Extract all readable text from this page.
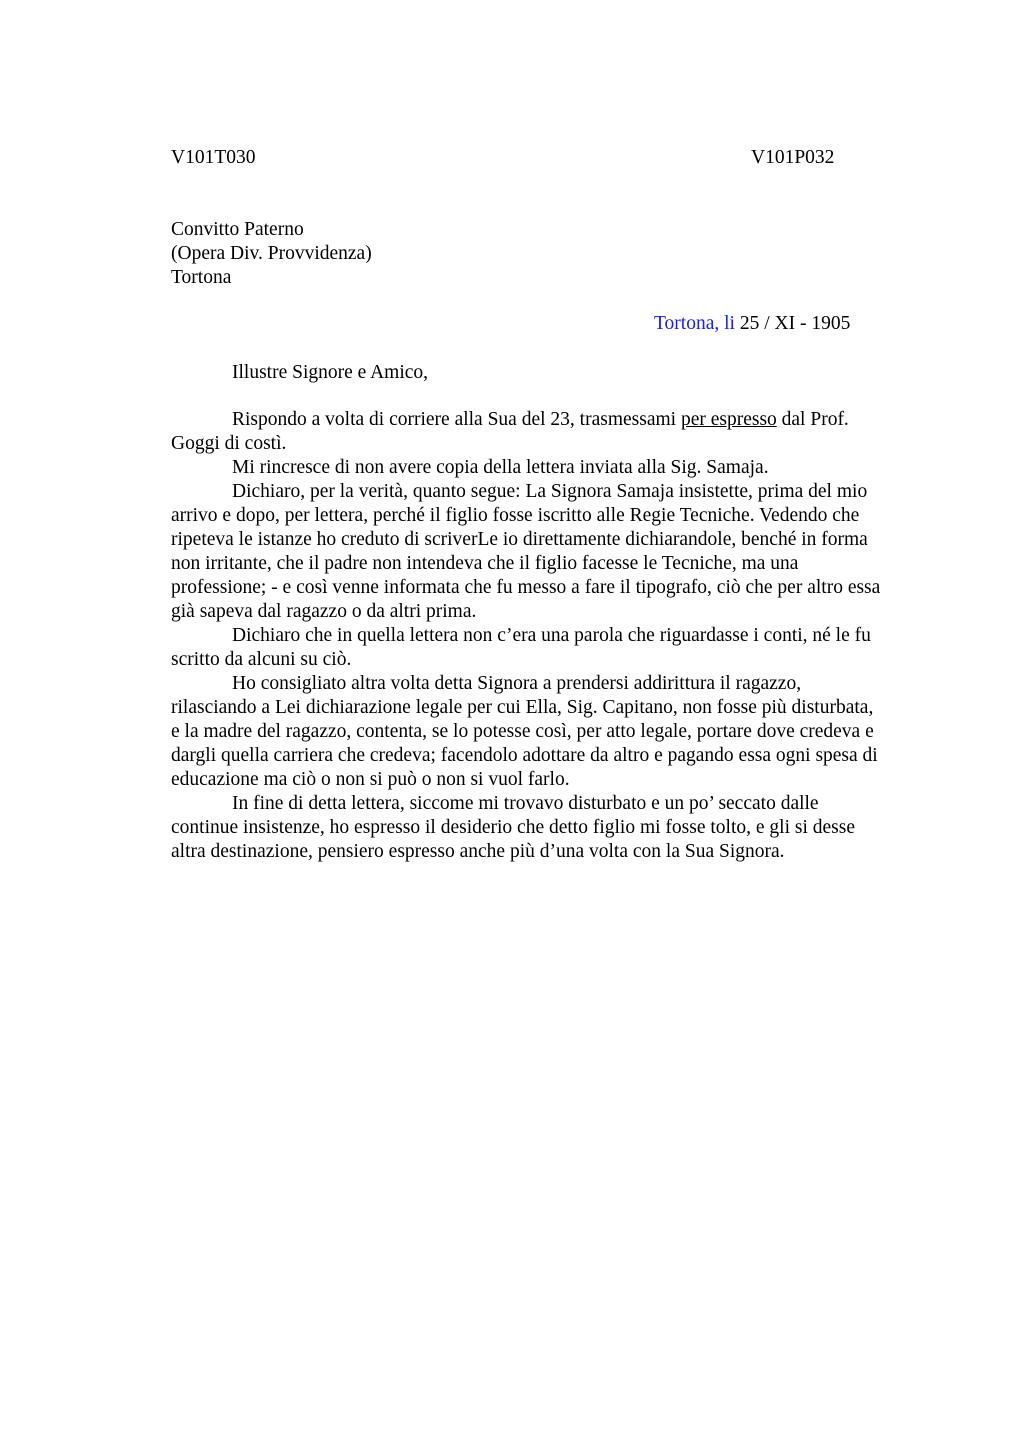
V101T030	V101P032
Convitto Paterno
(Opera Div. Provvidenza)
Tortona
Tortona, li 25 / XI - 1905
Illustre Signore e Amico,
Rispondo a volta di corriere alla Sua del 23, trasmessami per espresso dal Prof.
Goggi di costì.
Mi rincresce di non avere copia della lettera inviata alla Sig. Samaja.
Dichiaro, per la verità, quanto segue: La Signora Samaja insistette, prima del mio
arrivo e dopo, per lettera, perché il figlio fosse iscritto alle Regie Tecniche. Vedendo che
ripeteva le istanze ho creduto di scriverLe io direttamente dichiarandole, benché in forma
non irritante, che il padre non intendeva che il figlio facesse le Tecniche, ma una
professione; - e così venne informata che fu messo a fare il tipografo, ciò che per altro essa
già sapeva dal ragazzo o da altri prima.
Dichiaro che in quella lettera non c’era una parola che riguardasse i conti, né le fu
scritto da alcuni su ciò.
Ho consigliato altra volta detta Signora a prendersi addirittura il ragazzo,
rilasciando a Lei dichiarazione legale per cui Ella, Sig. Capitano, non fosse più disturbata,
e la madre del ragazzo, contenta, se lo potesse così, per atto legale, portare dove credeva e
dargli quella carriera che credeva; facendolo adottare da altro e pagando essa ogni spesa di
educazione ma ciò o non si può o non si vuol farlo.
In fine di detta lettera, siccome mi trovavo disturbato e un po’ seccato dalle
continue insistenze, ho espresso il desiderio che detto figlio mi fosse tolto, e gli si desse
altra destinazione, pensiero espresso anche più d’una volta con la Sua Signora.
